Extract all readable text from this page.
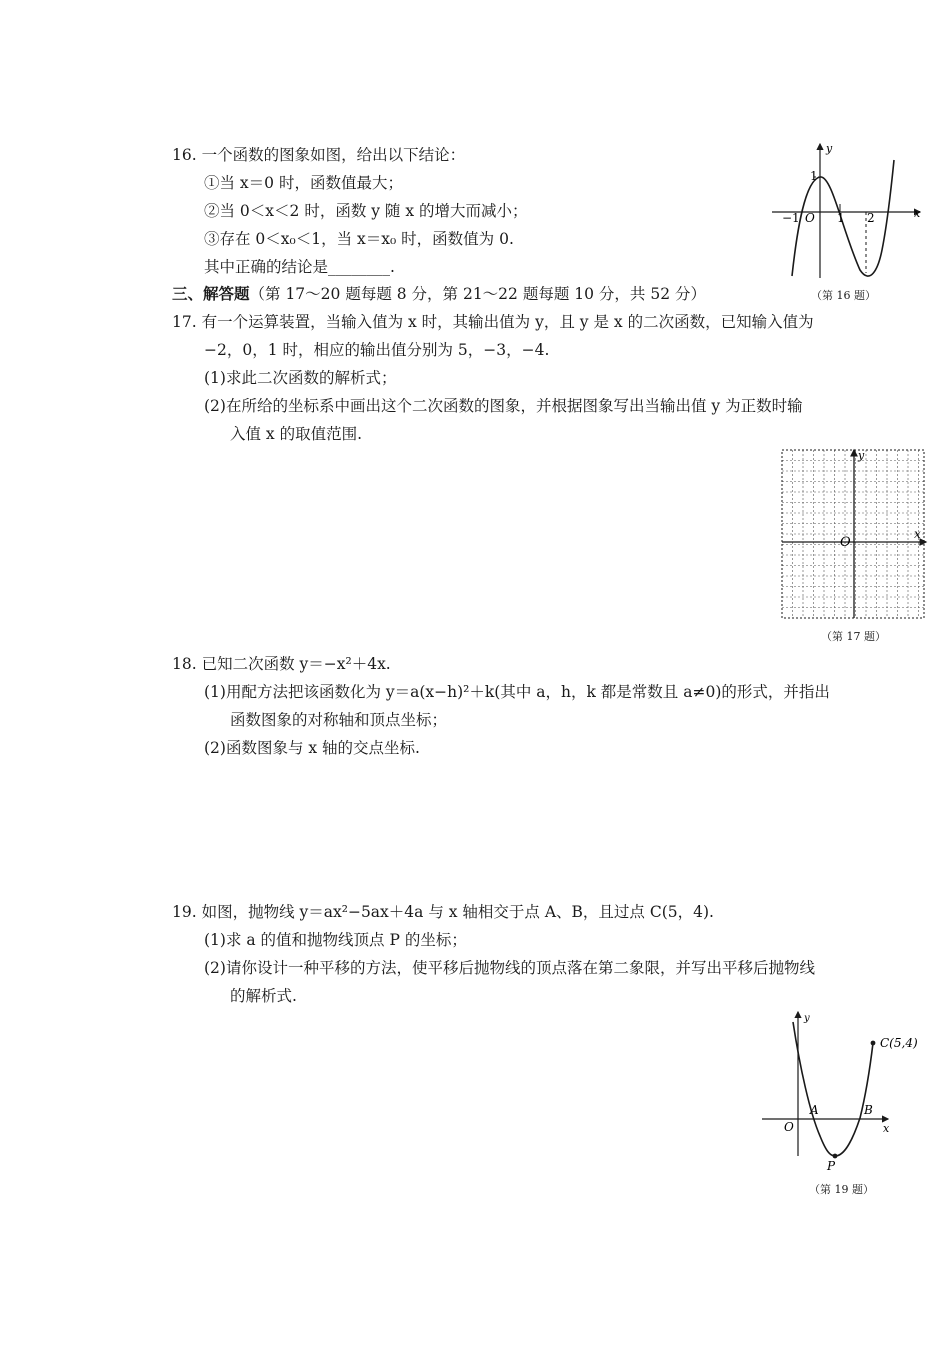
16. 一个函数的图象如图，给出以下结论：
①当 x＝0 时，函数值最大；
②当 0＜x＜2 时，函数 y 随 x 的增大而减小；
③存在 0＜x₀＜1，当 x＝x₀ 时，函数值为 0.
其中正确的结论是________.
y
x
O
−1
1
1 2
（第 16 题）
三、解答题（第 17～20 题每题 8 分，第 21～22 题每题 10 分，共 52 分）
17. 有一个运算装置，当输入值为 x 时，其输出值为 y，且 y 是 x 的二次函数，已知输入值为
−2，0，1 时，相应的输出值分别为 5，−3，−4.
(1)求此二次函数的解析式；
(2)在所给的坐标系中画出这个二次函数的图象，并根据图象写出当输出值 y 为正数时输
入值 x 的取值范围.
y
x
O
（第 17 题）
18. 已知二次函数 y＝−x²＋4x.
(1)用配方法把该函数化为 y＝a(x−h)²＋k(其中 a，h，k 都是常数且 a≠0)的形式，并指出
函数图象的对称轴和顶点坐标；
(2)函数图象与 x 轴的交点坐标.
19. 如图，抛物线 y＝ax²−5ax＋4a 与 x 轴相交于点 A、B，且过点 C(5，4).
(1)求 a 的值和抛物线顶点 P 的坐标；
(2)请你设计一种平移的方法，使平移后抛物线的顶点落在第二象限，并写出平移后抛物线
的解析式.
y
x
O
A	B
P
C(5,4)
（第 19 题）
